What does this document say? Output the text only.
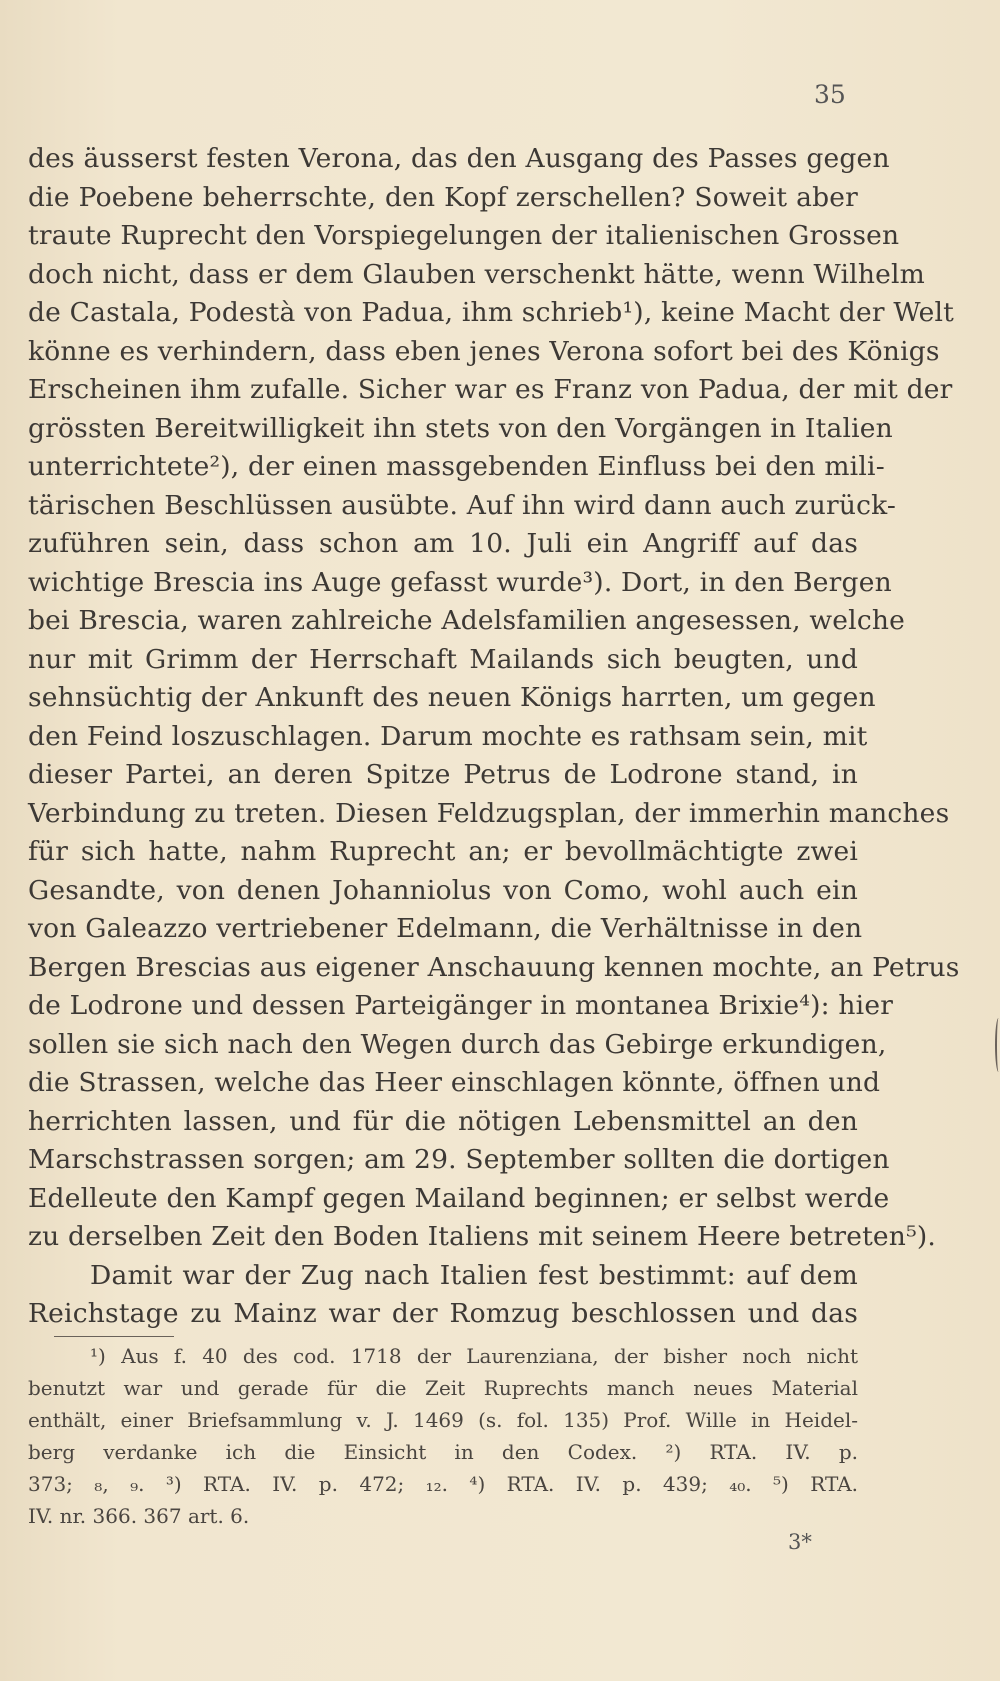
35
des äusserst festen Verona, das den Ausgang des Passes gegen
die Poebene beherrschte, den Kopf zerschellen? Soweit aber
traute Ruprecht den Vorspiegelungen der italienischen Grossen
doch nicht, dass er dem Glauben verschenkt hätte, wenn Wilhelm
de Castala, Podestà von Padua, ihm schrieb¹), keine Macht der Welt
könne es verhindern, dass eben jenes Verona sofort bei des Königs
Erscheinen ihm zufalle. Sicher war es Franz von Padua, der mit der
grössten Bereitwilligkeit ihn stets von den Vorgängen in Italien
unterrichtete²), der einen massgebenden Einfluss bei den mili-
tärischen Beschlüssen ausübte. Auf ihn wird dann auch zurück-
zuführen sein, dass schon am 10. Juli ein Angriff auf das
wichtige Brescia ins Auge gefasst wurde³). Dort, in den Bergen
bei Brescia, waren zahlreiche Adelsfamilien angesessen, welche
nur mit Grimm der Herrschaft Mailands sich beugten, und
sehnsüchtig der Ankunft des neuen Königs harrten, um gegen
den Feind loszuschlagen. Darum mochte es rathsam sein, mit
dieser Partei, an deren Spitze Petrus de Lodrone stand, in
Verbindung zu treten. Diesen Feldzugsplan, der immerhin manches
für sich hatte, nahm Ruprecht an; er bevollmächtigte zwei
Gesandte, von denen Johanniolus von Como, wohl auch ein
von Galeazzo vertriebener Edelmann, die Verhältnisse in den
Bergen Brescias aus eigener Anschauung kennen mochte, an Petrus
de Lodrone und dessen Parteigänger in montanea Brixie⁴): hier
sollen sie sich nach den Wegen durch das Gebirge erkundigen,
die Strassen, welche das Heer einschlagen könnte, öffnen und
herrichten lassen, und für die nötigen Lebensmittel an den
Marschstrassen sorgen; am 29. September sollten die dortigen
Edelleute den Kampf gegen Mailand beginnen; er selbst werde
zu derselben Zeit den Boden Italiens mit seinem Heere betreten⁵).
Damit war der Zug nach Italien fest bestimmt: auf dem
Reichstage zu Mainz war der Romzug beschlossen und das
¹) Aus f. 40 des cod. 1718 der Laurenziana, der bisher noch nicht
benutzt war und gerade für die Zeit Ruprechts manch neues Material
enthält, einer Briefsammlung v. J. 1469 (s. fol. 135) Prof. Wille in Heidel-
berg verdanke ich die Einsicht in den Codex. ²) RTA. IV. p.
373; ₈, ₉. ³) RTA. IV. p. 472; ₁₂. ⁴) RTA. IV. p. 439; ₄₀. ⁵) RTA.
IV. nr. 366. 367 art. 6.
3*
